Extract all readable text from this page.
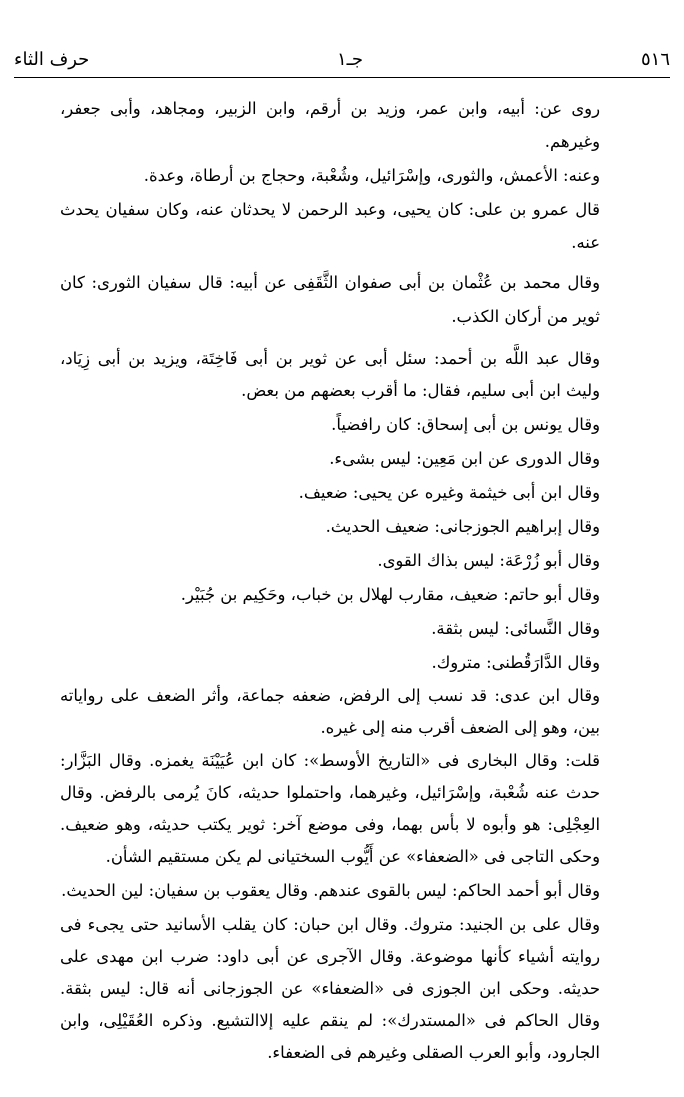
٥١٦
جـ١
حرف الثاء

روى عن: أبيه، وابن عمر، وزيد بن أرقم، وابن الزبير، ومجاهد، وأبى جعفر، وغيرهم.

وعنه: الأعمش، والثورى، وإسْرَائيل، وشُعْبة، وحجاج بن أرطاة، وعدة.

قال عمرو بن على: كان يحيى، وعبد الرحمن لا يحدثان عنه، وكان سفيان يحدث عنه.

وقال محمد بن عُثْمان بن أبى صفوان الثَّقَفِى عن أبيه: قال سفيان الثورى: كان ثوير من أركان الكذب.

وقال عبد اللَّه بن أحمد: سئل أبى عن ثوير بن أبى فَاخِتَة، ويزيد بن أبى زِيَاد، وليث ابن أبى سليم، فقال: ما أقرب بعضهم من بعض.

وقال يونس بن أبى إسحاق: كان رافضياً.

وقال الدورى عن ابن مَعِين: ليس بشىء.

وقال ابن أبى خيثمة وغيره عن يحيى: ضعيف.

وقال إبراهيم الجوزجانى: ضعيف الحديث.

وقال أبو زُرْعَة: ليس بذاك القوى.

وقال أبو حاتم: ضعيف، مقارب لهلال بن خباب، وحَكِيم بن جُبَيْر.

وقال النَّسائى: ليس بثقة.

وقال الدَّارَقُطنى: متروك.

وقال ابن عدى: قد نسب إلى الرفض، ضعفه جماعة، وأثر الضعف على رواياته بين، وهو إلى الضعف أقرب منه إلى غيره.

قلت: وقال البخارى فى «التاريخ الأوسط»: كان ابن عُيَيْنَة يغمزه. وقال البَزَّار: حدث عنه شُعْبة، وإسْرَائيل، وغيرهما، واحتملوا حديثه، كانَ يُرمى بالرفض. وقال العِجْلِى: هو وأبوه لا بأس بهما، وفى موضع آخر: ثوير يكتب حديثه، وهو ضعيف. وحكى التاجى فى «الضعفاء» عن أَيُّوب السختيانى لم يكن مستقيم الشأن.

وقال أبو أحمد الحاكم: ليس بالقوى عندهم. وقال يعقوب بن سفيان: لين الحديث.

وقال على بن الجنيد: متروك. وقال ابن حبان: كان يقلب الأسانيد حتى يجىء فى روايته أشياء كأنها موضوعة. وقال الآجرى عن أبى داود: ضرب ابن مهدى على حديثه. وحكى ابن الجوزى فى «الضعفاء» عن الجوزجانى أنه قال: ليس بثقة. وقال الحاكم فى «المستدرك»: لم ينقم عليه إلاالتشيع. وذكره العُقَيْلِى، وابن الجارود، وأبو العرب الصقلى وغيرهم فى الضعفاء.
